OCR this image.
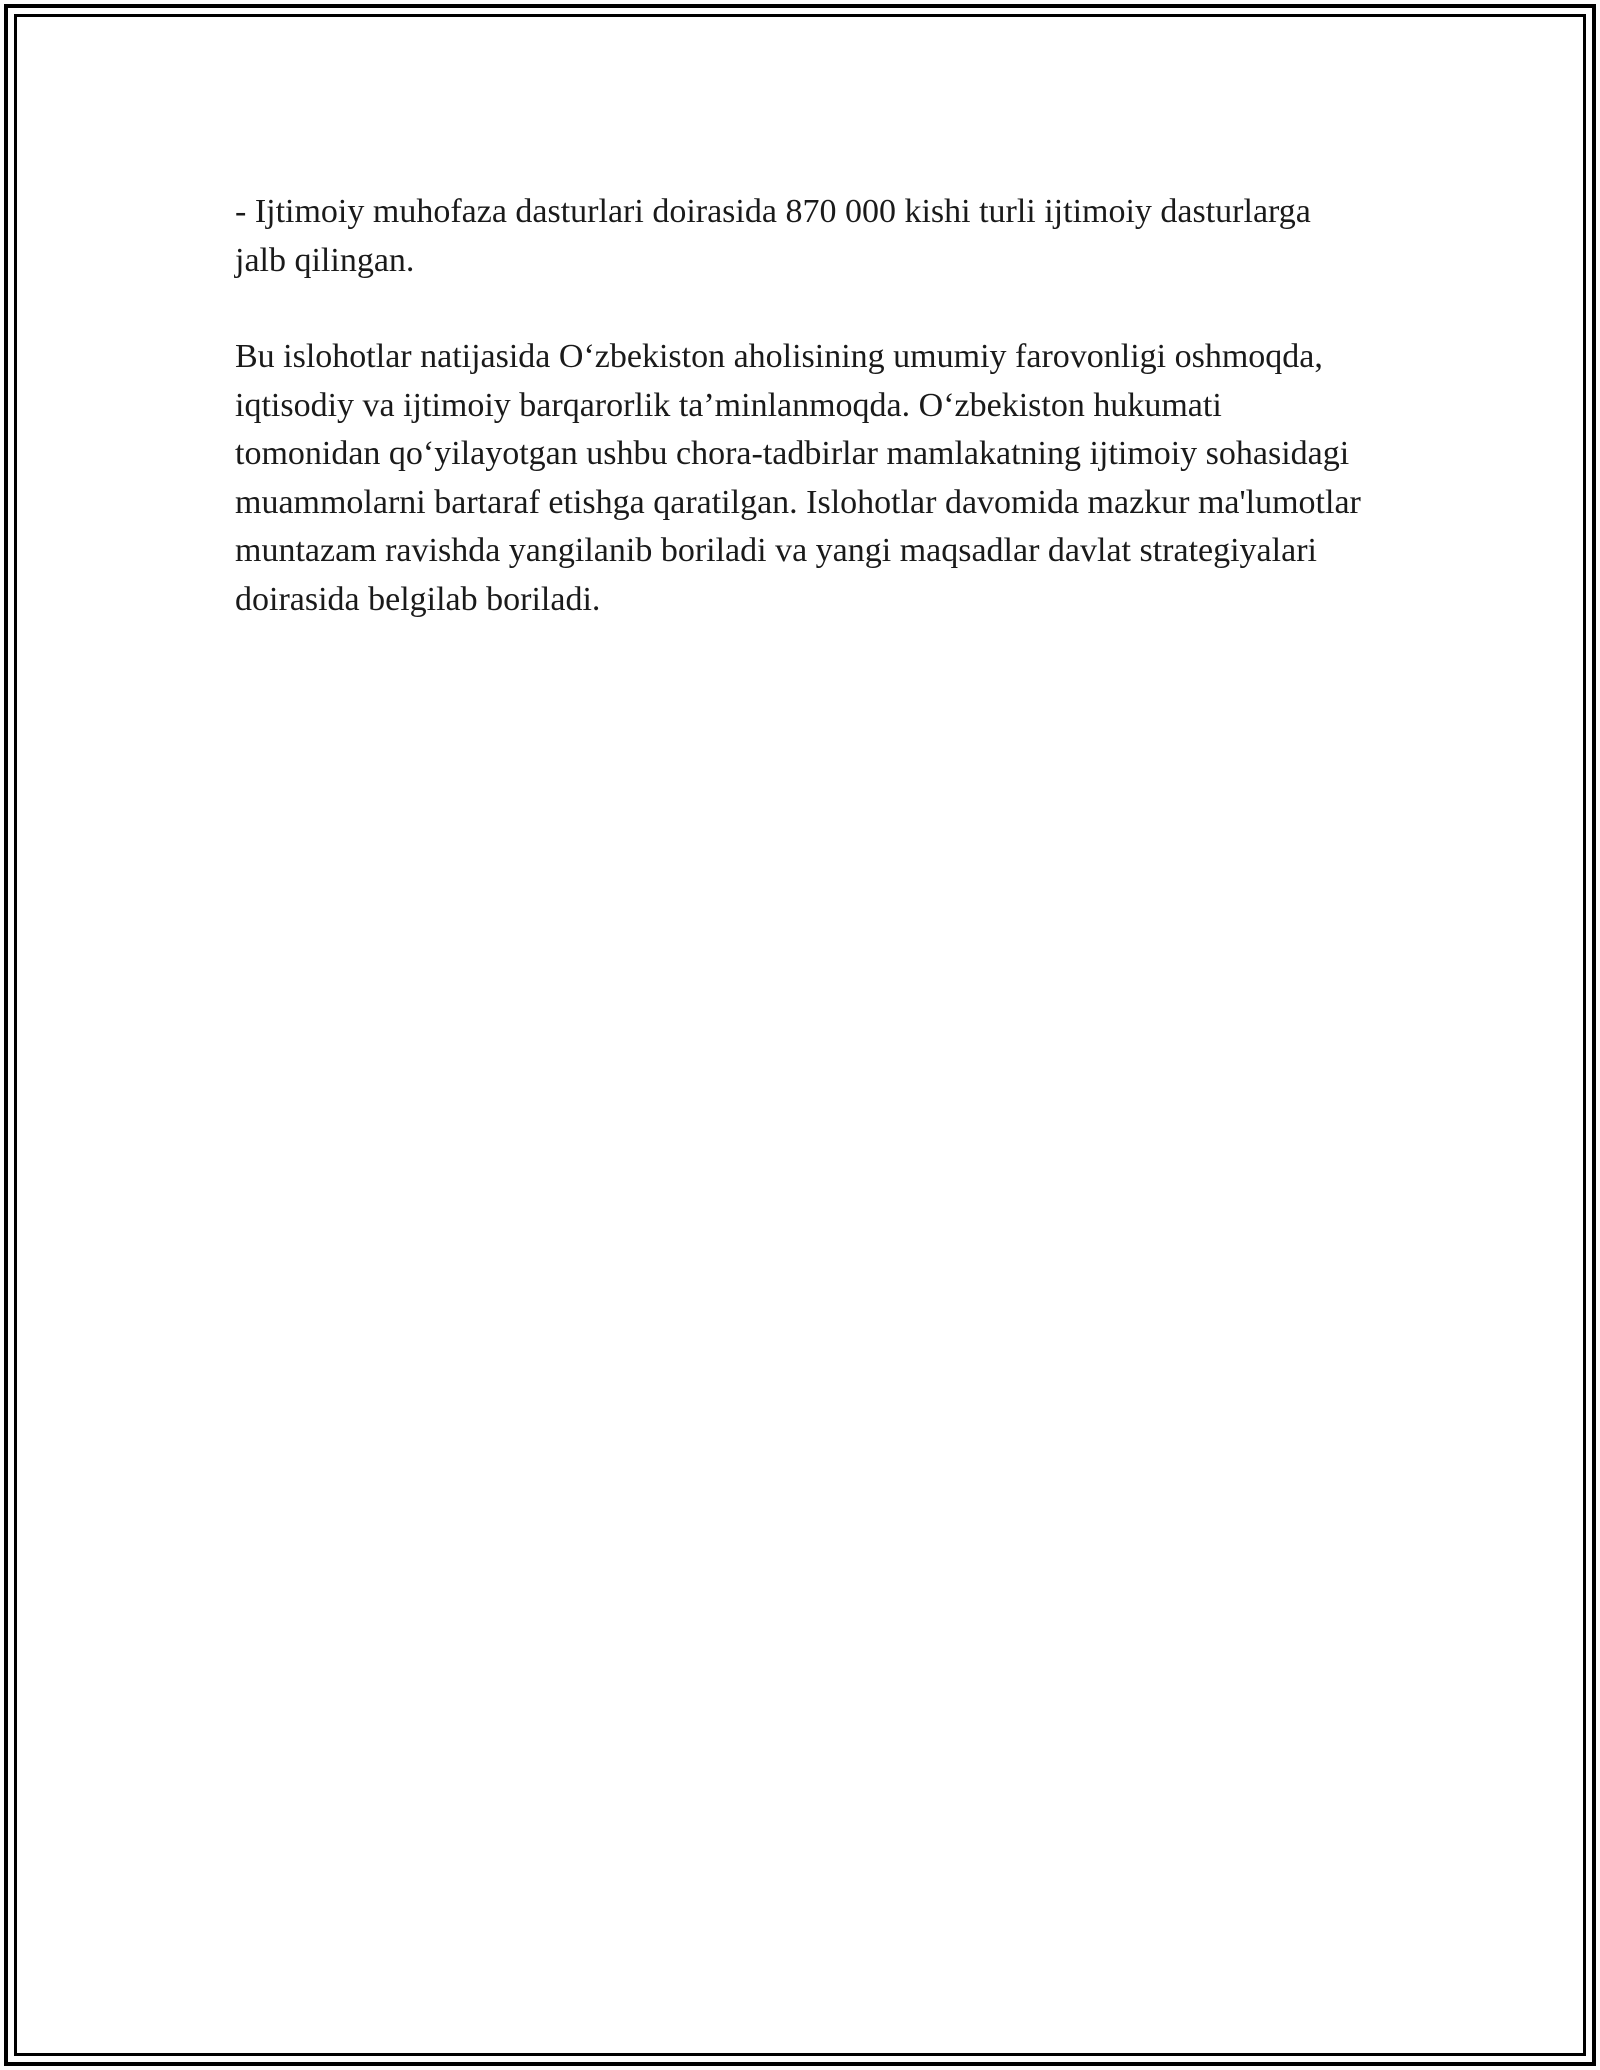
- Ijtimoiy muhofaza dasturlari doirasida 870 000 kishi turli ijtimoiy dasturlarga jalb qilingan.

Bu islohotlar natijasida O‘zbekiston aholisining umumiy farovonligi oshmoqda, iqtisodiy va ijtimoiy barqarorlik ta’minlanmoqda. O‘zbekiston hukumati tomonidan qo‘yilayotgan ushbu chora-tadbirlar mamlakatning ijtimoiy sohasidagi muammolarni bartaraf etishga qaratilgan. Islohotlar davomida mazkur ma'lumotlar muntazam ravishda yangilanib boriladi va yangi maqsadlar davlat strategiyalari doirasida belgilab boriladi.
